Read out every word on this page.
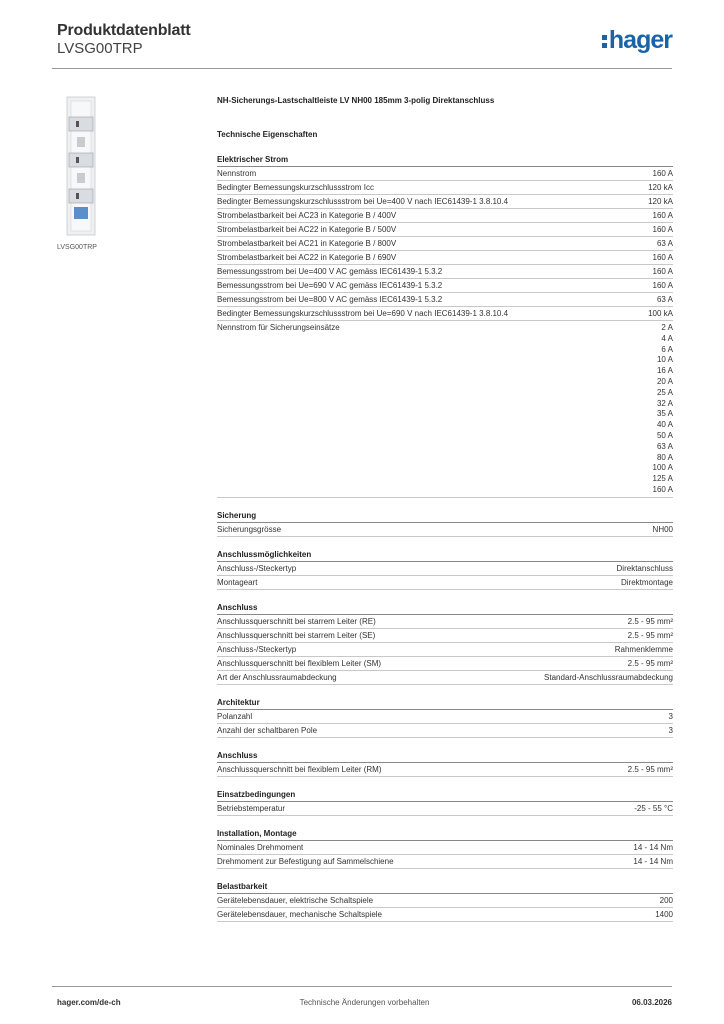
Produktdatenblatt
LVSG00TRP	hager
LVSG00TRP
NH-Sicherungs-Lastschaltleiste LV NH00 185mm 3-polig Direktanschluss
Technische Eigenschaften
Elektrischer Strom
Nennstrom	160 A
Bedingter Bemessungskurzschlussstrom Icc	120 kA
Bedingter Bemessungskurzschlussstrom bei Ue=400 V nach IEC61439-1 3.8.10.4	120 kA
Strombelastbarkeit bei AC23 in Kategorie B / 400V	160 A
Strombelastbarkeit bei AC22 in Kategorie B / 500V	160 A
Strombelastbarkeit bei AC21 in Kategorie B / 800V	63 A
Strombelastbarkeit bei AC22 in Kategorie B / 690V	160 A
Bemessungsstrom bei Ue=400 V AC gemäss IEC61439-1 5.3.2	160 A
Bemessungsstrom bei Ue=690 V AC gemäss IEC61439-1 5.3.2	160 A
Bemessungsstrom bei Ue=800 V AC gemäss IEC61439-1 5.3.2	63 A
Bedingter Bemessungskurzschlussstrom bei Ue=690 V nach IEC61439-1 3.8.10.4	100 kA
Nennstrom für Sicherungseinsätze	2 A
4 A
6 A
10 A
16 A
20 A
25 A
32 A
35 A
40 A
50 A
63 A
80 A
100 A
125 A
160 A
Sicherung
Sicherungsgrösse	NH00
Anschlussmöglichkeiten
Anschluss-/Steckertyp	Direktanschluss
Montageart	Direktmontage
Anschluss
Anschlussquerschnitt bei starrem Leiter (RE)	2.5 - 95 mm²
Anschlussquerschnitt bei starrem Leiter (SE)	2.5 - 95 mm²
Anschluss-/Steckertyp	Rahmenklemme
Anschlussquerschnitt bei flexiblem Leiter (SM)	2.5 - 95 mm²
Art der Anschlussraumabdeckung	Standard-Anschlussraumabdeckung
Architektur
Polanzahl	3
Anzahl der schaltbaren Pole	3
Anschluss
Anschlussquerschnitt bei flexiblem Leiter (RM)	2.5 - 95 mm²
Einsatzbedingungen
Betriebstemperatur	-25 - 55 °C
Installation, Montage
Nominales Drehmoment	14 - 14 Nm
Drehmoment zur Befestigung auf Sammelschiene	14 - 14 Nm
Belastbarkeit
Gerätelebensdauer, elektrische Schaltspiele	200
Gerätelebensdauer, mechanische Schaltspiele	1400
hager.com/de-ch	Technische Änderungen vorbehalten	06.03.2026
